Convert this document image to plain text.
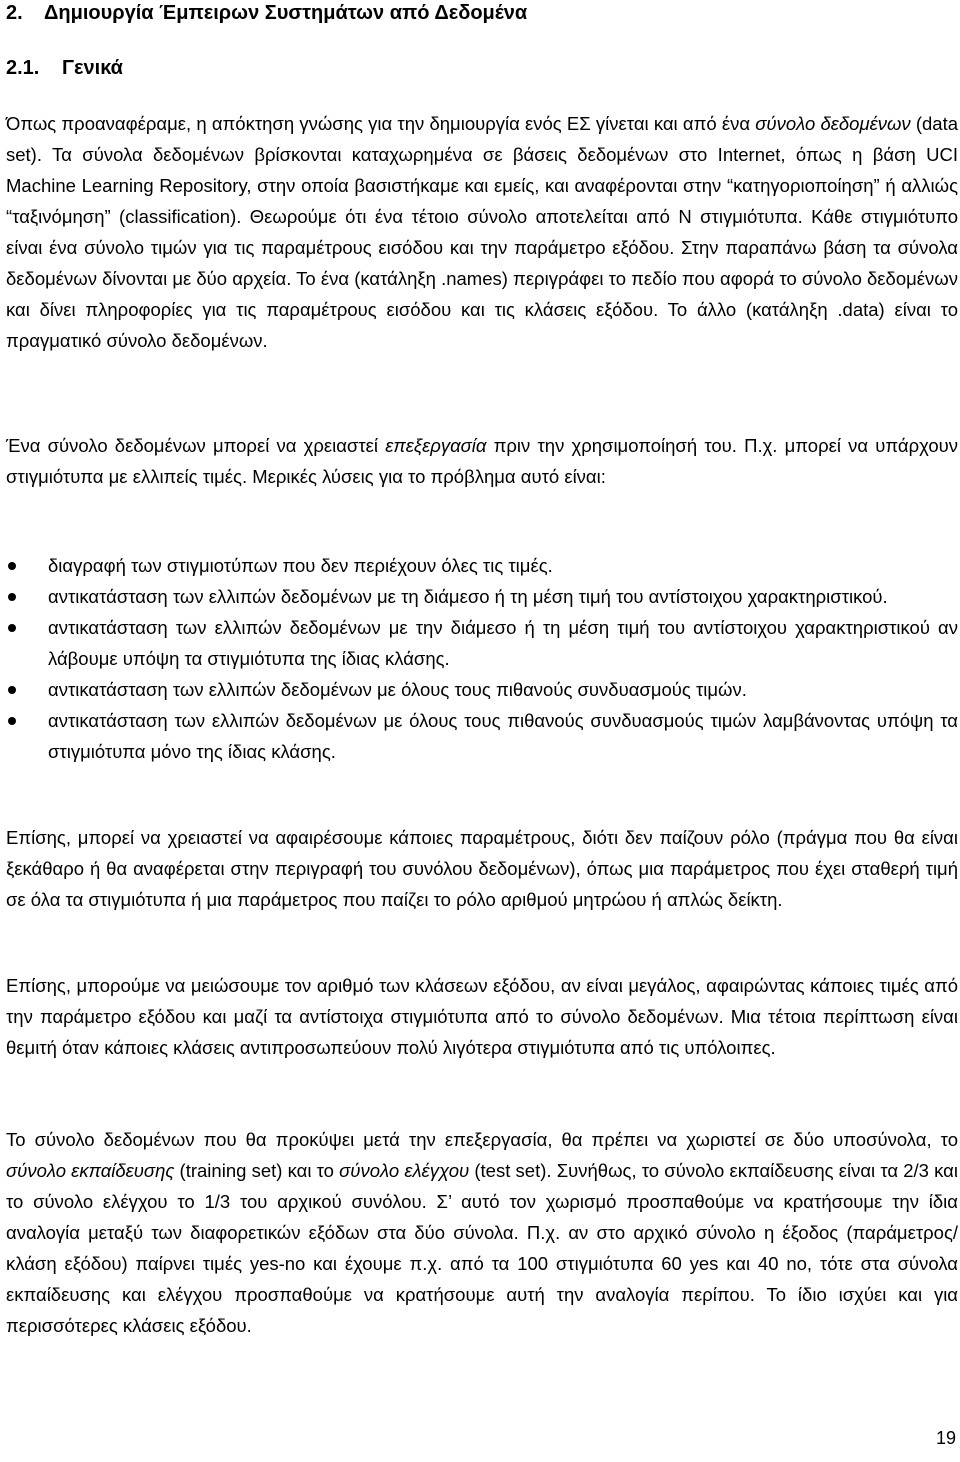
2. Δημιουργία Έμπειρων Συστημάτων από Δεδομένα
2.1. Γενικά

Όπως προαναφέραμε, η απόκτηση γνώσης για την δημιουργία ενός ΕΣ γίνεται και από ένα σύνολο δεδομένων (data set). Τα σύνολα δεδομένων βρίσκονται καταχωρημένα σε βάσεις δεδομένων στο Internet, όπως η βάση UCI Machine Learning Repository, στην οποία βασιστήκαμε και εμείς, και αναφέρονται στην “κατηγοριοποίηση” ή αλλιώς “ταξινόμηση” (classification). Θεωρούμε ότι ένα τέτοιο σύνολο αποτελείται από N στιγμιότυπα. Κάθε στιγμιότυπο είναι ένα σύνολο τιμών για τις παραμέτρους εισόδου και την παράμετρο εξόδου. Στην παραπάνω βάση τα σύνολα δεδομένων δίνονται με δύο αρχεία. Το ένα (κατάληξη .names) περιγράφει το πεδίο που αφορά το σύνολο δεδομένων και δίνει πληροφορίες για τις παραμέτρους εισόδου και τις κλάσεις εξόδου. Το άλλο (κατάληξη .data) είναι το πραγματικό σύνολο δεδομένων.

Ένα σύνολο δεδομένων μπορεί να χρειαστεί επεξεργασία πριν την χρησιμοποίησή του. Π.χ. μπορεί να υπάρχουν στιγμιότυπα με ελλιπείς τιμές. Μερικές λύσεις για το πρόβλημα αυτό είναι:

διαγραφή των στιγμιοτύπων που δεν περιέχουν όλες τις τιμές.
αντικατάσταση των ελλιπών δεδομένων με τη διάμεσο ή τη μέση τιμή του αντίστοιχου χαρακτηριστικού.
αντικατάσταση των ελλιπών δεδομένων με την διάμεσο ή τη μέση τιμή του αντίστοιχου χαρακτηριστικού αν λάβουμε υπόψη τα στιγμιότυπα της ίδιας κλάσης.
αντικατάσταση των ελλιπών δεδομένων με όλους τους πιθανούς συνδυασμούς τιμών.
αντικατάσταση των ελλιπών δεδομένων με όλους τους πιθανούς συνδυασμούς τιμών λαμβάνοντας υπόψη τα στιγμιότυπα μόνο της ίδιας κλάσης.

Επίσης, μπορεί να χρειαστεί να αφαιρέσουμε κάποιες παραμέτρους, διότι δεν παίζουν ρόλο (πράγμα που θα είναι ξεκάθαρο ή θα αναφέρεται στην περιγραφή του συνόλου δεδομένων), όπως μια παράμετρος που έχει σταθερή τιμή σε όλα τα στιγμιότυπα ή μια παράμετρος που παίζει το ρόλο αριθμού μητρώου ή απλώς δείκτη.

Επίσης, μπορούμε να μειώσουμε τον αριθμό των κλάσεων εξόδου, αν είναι μεγάλος, αφαιρώντας κάποιες τιμές από την παράμετρο εξόδου και μαζί τα αντίστοιχα στιγμιότυπα από το σύνολο δεδομένων. Μια τέτοια περίπτωση είναι θεμιτή όταν κάποιες κλάσεις αντιπροσωπεύουν πολύ λιγότερα στιγμιότυπα από τις υπόλοιπες.

Το σύνολο δεδομένων που θα προκύψει μετά την επεξεργασία, θα πρέπει να χωριστεί σε δύο υποσύνολα, το σύνολο εκπαίδευσης (training set) και το σύνολο ελέγχου (test set). Συνήθως, το σύνολο εκπαίδευσης είναι τα 2/3 και το σύνολο ελέγχου το 1/3 του αρχικού συνόλου. Σ’ αυτό τον χωρισμό προσπαθούμε να κρατήσουμε την ίδια αναλογία μεταξύ των διαφορετικών εξόδων στα δύο σύνολα. Π.χ. αν στο αρχικό σύνολο η έξοδος (παράμετρος/κλάση εξόδου) παίρνει τιμές yes-no και έχουμε π.χ. από τα 100 στιγμιότυπα 60 yes και 40 no, τότε στα σύνολα εκπαίδευσης και ελέγχου προσπαθούμε να κρατήσουμε αυτή την αναλογία περίπου. Το ίδιο ισχύει και για περισσότερες κλάσεις εξόδου.

19
